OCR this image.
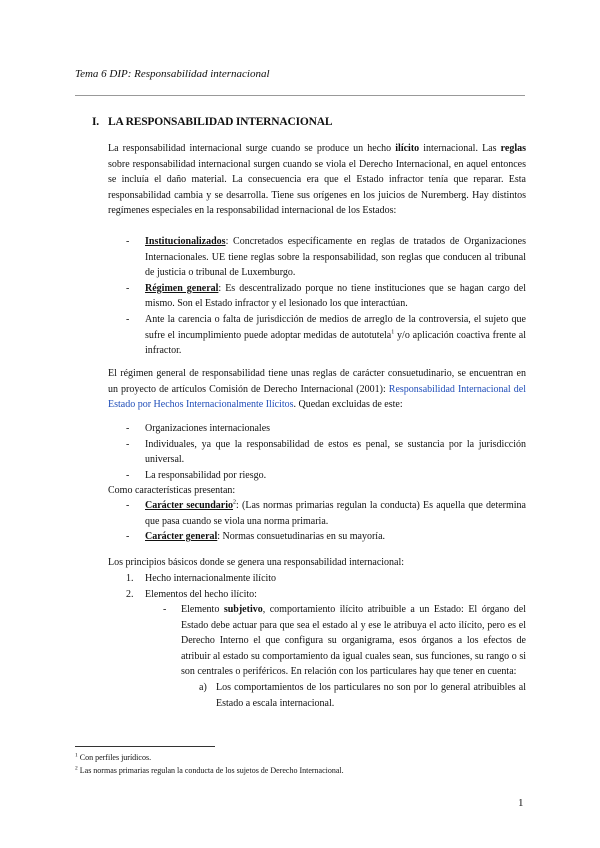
Tema 6 DIP: Responsabilidad internacional
I. LA RESPONSABILIDAD INTERNACIONAL

La responsabilidad internacional surge cuando se produce un hecho ilícito internacional. Las reglas sobre responsabilidad internacional surgen cuando se viola el Derecho Internacional, en aquel entonces se incluía el daño material. La consecuencia era que el Estado infractor tenía que reparar. Esta responsabilidad cambia y se desarrolla. Tiene sus orígenes en los juicios de Nuremberg. Hay distintos regímenes especiales en la responsabilidad internacional de los Estados:

- Institucionalizados: Concretados específicamente en reglas de tratados de Organizaciones Internacionales. UE tiene reglas sobre la responsabilidad, son reglas que conducen al tribunal de justicia o tribunal de Luxemburgo.
- Régimen general: Es descentralizado porque no tiene instituciones que se hagan cargo del mismo. Son el Estado infractor y el lesionado los que interactúan.
- Ante la carencia o falta de jurisdicción de medios de arreglo de la controversia, el sujeto que sufre el incumplimiento puede adoptar medidas de autotutela$^1$ y/o aplicación coactiva frente al infractor.

El régimen general de responsabilidad tiene unas reglas de carácter consuetudinario, se encuentran en un proyecto de artículos Comisión de Derecho Internacional (2001): Responsabilidad Internacional del Estado por Hechos Internacionalmente Ilícitos. Quedan excluidas de este:

- Organizaciones internacionales
- Individuales, ya que la responsabilidad de estos es penal, se sustancia por la jurisdicción universal.
- La responsabilidad por riesgo.

Como características presentan:

- Carácter secundario$^2$: (Las normas primarias regulan la conducta) Es aquella que determina que pasa cuando se viola una norma primaria.
- Carácter general: Normas consuetudinarias en su mayoría.

Los principios básicos donde se genera una responsabilidad internacional:

1. Hecho internacionalmente ilícito
2. Elementos del hecho ilícito:
- Elemento subjetivo, comportamiento ilícito atribuible a un Estado: El órgano del Estado debe actuar para que sea el estado al y ese le atribuya el acto ilícito, pero es el Derecho Interno el que configura su organigrama, esos órganos a los efectos de atribuir al estado su comportamiento da igual cuales sean, sus funciones, su rango o si son centrales o periféricos. En relación con los particulares hay que tener en cuenta:
a) Los comportamientos de los particulares no son por lo general atribuibles al Estado a escala internacional.
$^1$ Con perfiles jurídicos.
$^2$ Las normas primarias regulan la conducta de los sujetos de Derecho Internacional.
1
